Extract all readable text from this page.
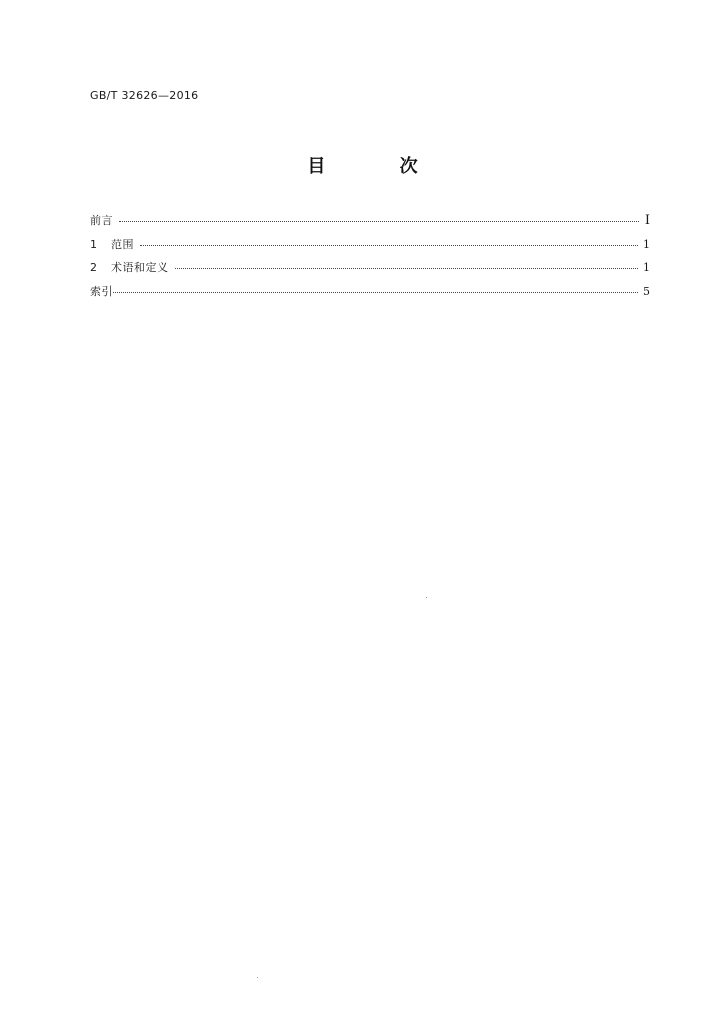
GB/T 32626—2016
目 次
前言	Ⅰ
1	范围	1
2	术语和定义	1
索引	5
